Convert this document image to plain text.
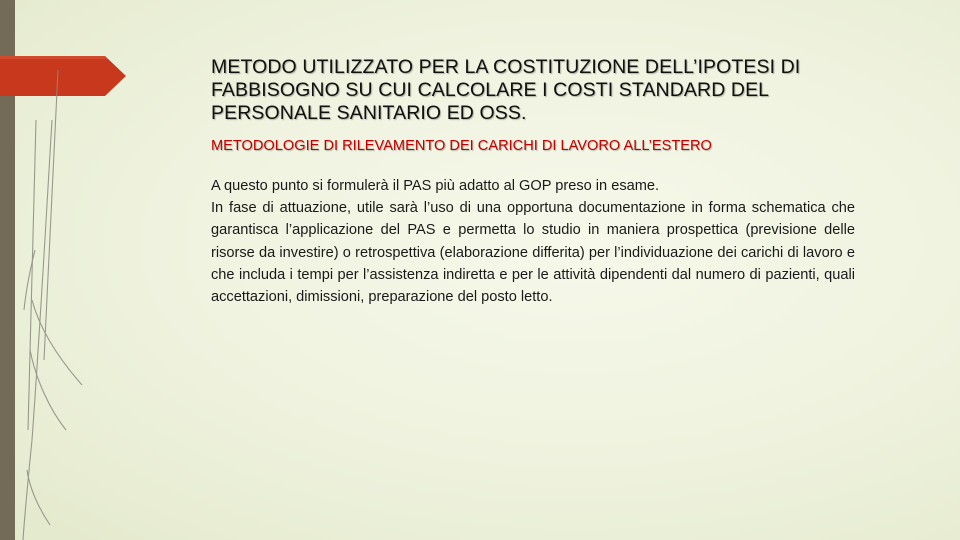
METODO UTILIZZATO PER LA COSTITUZIONE DELL’IPOTESI DI FABBISOGNO SU CUI CALCOLARE I COSTI STANDARD DEL PERSONALE SANITARIO ED OSS.
METODOLOGIE DI RILEVAMENTO DEI CARICHI DI LAVORO ALL’ESTERO
A questo punto si formulerà il PAS più adatto al GOP preso in esame.
In fase di attuazione, utile sarà l’uso di una opportuna documentazione in forma schematica che garantisca l’applicazione del PAS e permetta lo studio in maniera prospettica (previsione delle risorse da investire) o retrospettiva (elaborazione differita) per l’individuazione dei carichi di lavoro e che includa i tempi per l’assistenza indiretta e per le attività dipendenti dal numero di pazienti, quali accettazioni, dimissioni, preparazione del posto letto.
